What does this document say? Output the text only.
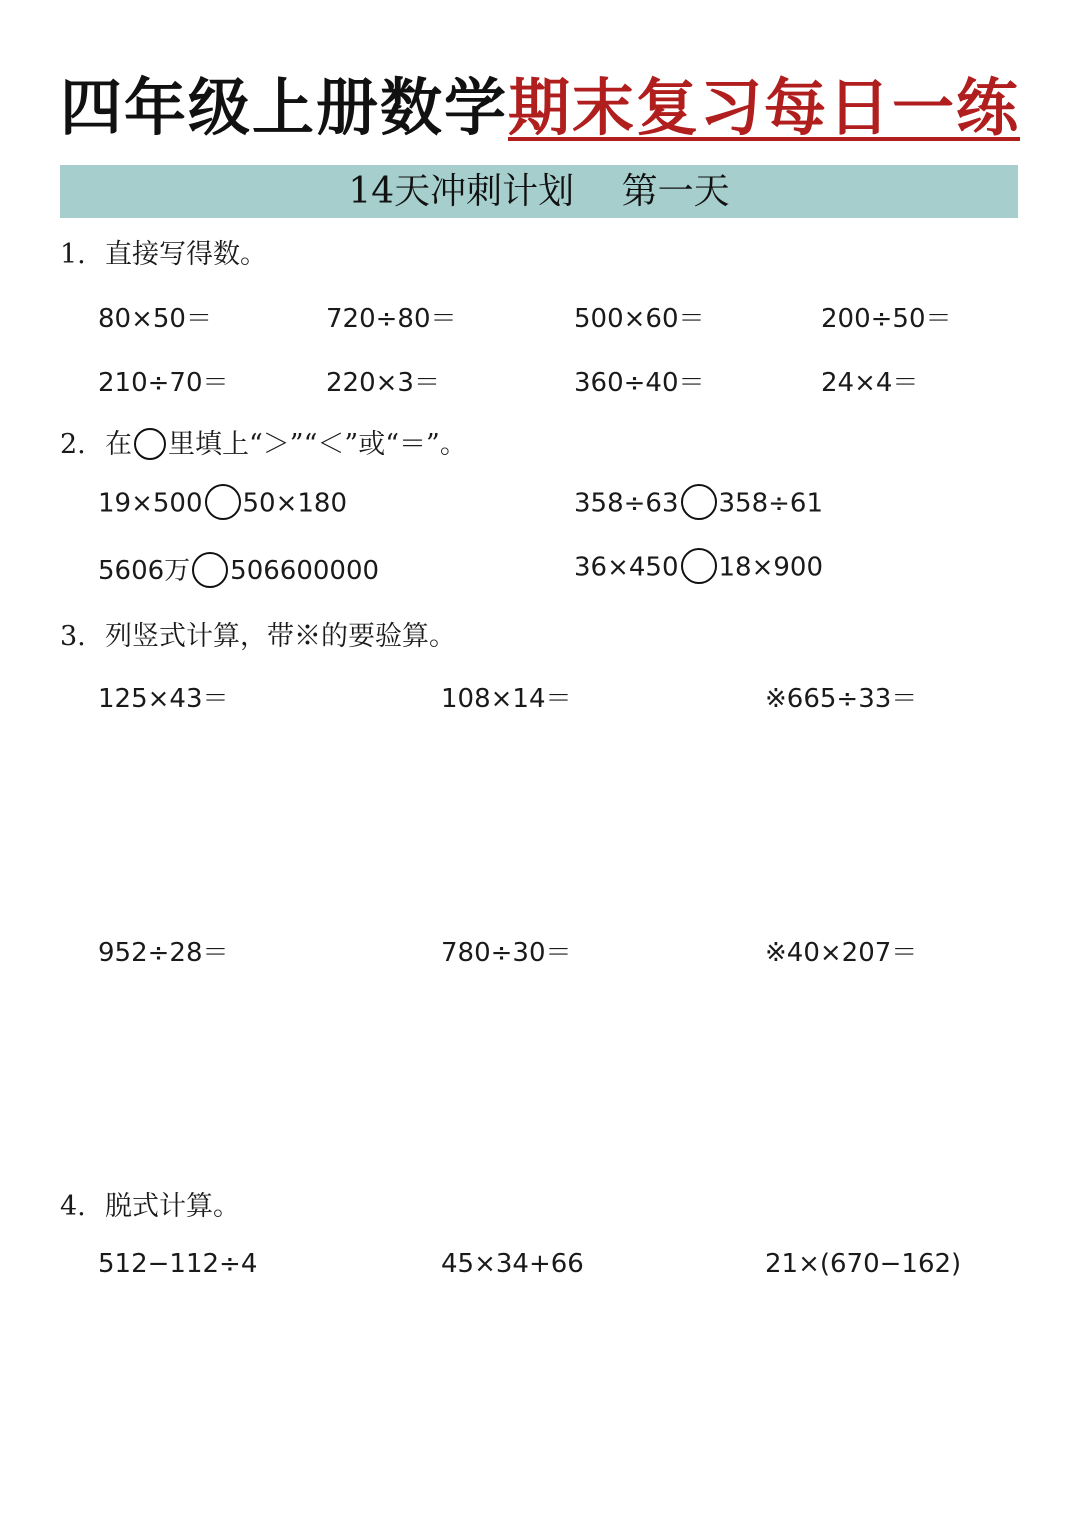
四年级上册数学期末复习每日一练
14天冲刺计划　 第一天
1. 直接写得数。
80×50＝	720÷80＝	500×60＝	200÷50＝
210÷70＝	220×3＝	360÷40＝	24×4＝
2. 在 里填上“＞”“＜”或“＝”。
19×500 50×180	358÷63 358÷61
5606万 506600000	36×450 18×900
3. 列竖式计算，带※的要验算。
125×43＝	108×14＝	※665÷33＝
952÷28＝	780÷30＝	※40×207＝
4. 脱式计算。
512−112÷4	45×34+66	21×(670−162)
